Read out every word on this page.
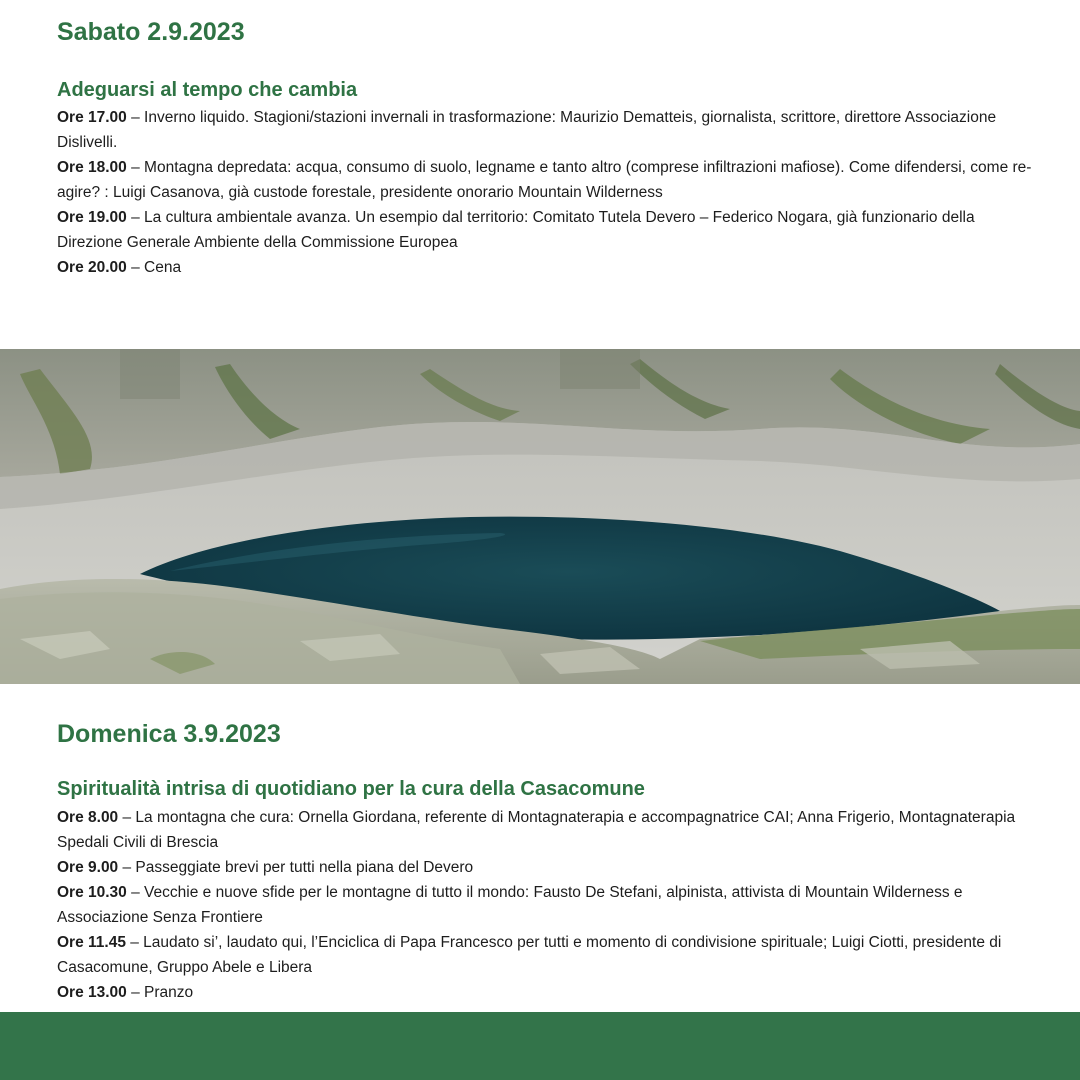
Sabato 2.9.2023
Adeguarsi al tempo che cambia
Ore 17.00 – Inverno liquido. Stagioni/stazioni invernali in trasformazione: Maurizio Dematteis, giornalista, scrittore, direttore Associazione Dislivelli.
Ore 18.00 – Montagna depredata: acqua, consumo di suolo, legname e tanto altro (comprese infiltrazioni mafiose). Come difendersi, come re-agire? : Luigi Casanova, già custode forestale, presidente onorario Mountain Wilderness
Ore 19.00 – La cultura ambientale avanza. Un esempio dal territorio: Comitato Tutela Devero – Federico Nogara, già funzionario della Direzione Generale Ambiente della Commissione Europea
Ore 20.00 – Cena
Domenica 3.9.2023
Spiritualità intrisa di quotidiano per la cura della Casacomune
Ore 8.00 – La montagna che cura: Ornella Giordana, referente di Montagnaterapia e accompagnatrice CAI; Anna Frigerio, Montagnaterapia Spedali Civili di Brescia
Ore 9.00 – Passeggiate brevi per tutti nella piana del Devero
Ore 10.30 – Vecchie e nuove sfide per le montagne di tutto il mondo: Fausto De Stefani, alpinista, attivista di Mountain Wilderness e Associazione Senza Frontiere
Ore 11.45 – Laudato si’, laudato qui, l’Enciclica di Papa Francesco per tutti e momento di condivisione spirituale; Luigi Ciotti, presidente di Casacomune, Gruppo Abele e Libera
Ore 13.00 – Pranzo
